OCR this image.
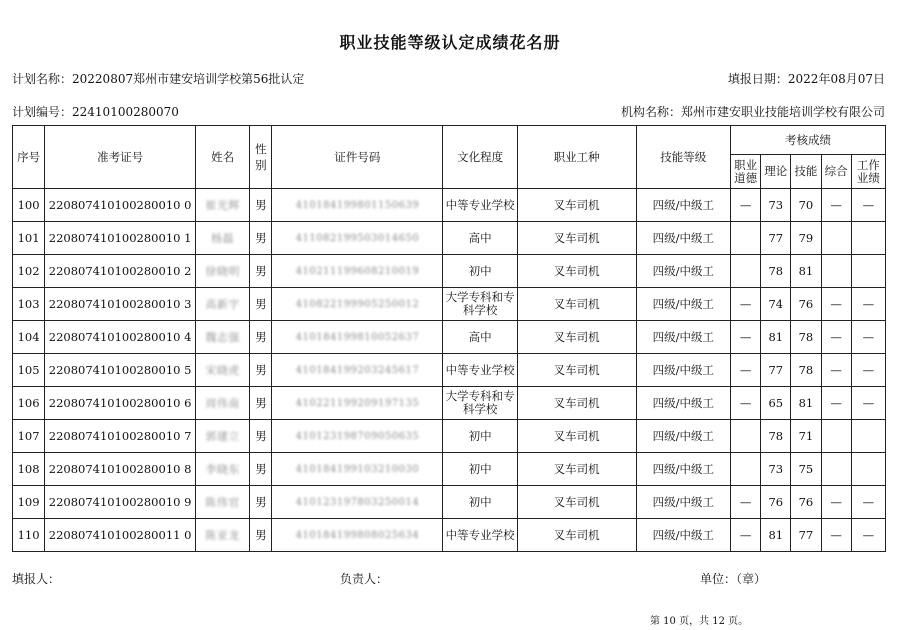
职业技能等级认定成绩花名册
计划名称：20220807郑州市建安培训学校第56批认定	填报日期：2022年08月07日
计划编号：22410100280070	机构名称：郑州市建安职业技能培训学校有限公司
序号	准考证号	姓名	性别	证件号码	文化程度	职业工种	技能等级	考核成绩				
								职业道德	理论	技能	综合	工作业绩
100	220807410100280010 0	崔光辉	男	410184199801150639	中等专业学校	叉车司机	四级/中级工	—	73	70	—	—
101	220807410100280010 1	杨磊	男	411082199503014650	高中	叉车司机	四级/中级工		77	79		
102	220807410100280010 2	徐晓明	男	410211199608210019	初中	叉车司机	四级/中级工		78	81		
103	220807410100280010 3	高新宇	男	410822199905250012	大学专科和专科学校	叉车司机	四级/中级工	—	74	76	—	—
104	220807410100280010 4	魏志强	男	410184199810052637	高中	叉车司机	四级/中级工	—	81	78	—	—
105	220807410100280010 5	宋晓虎	男	410184199203245617	中等专业学校	叉车司机	四级/中级工	—	77	78	—	—
106	220807410100280010 6	周伟南	男	410221199209197135	大学专科和专科学校	叉车司机	四级/中级工	—	65	81	—	—
107	220807410100280010 7	郭建立	男	410123198709050635	初中	叉车司机	四级/中级工		78	71		
108	220807410100280010 8	李晓东	男	410184199103210030	初中	叉车司机	四级/中级工		73	75		
109	220807410100280010 9	陈伟官	男	410123197803250014	初中	叉车司机	四级/中级工	—	76	76	—	—
110	220807410100280011 0	陈亚龙	男	410184199808025634	中等专业学校	叉车司机	四级/中级工	—	81	77	—	—
填报人：	负责人：	单位：（章）
第 10 页，共 12 页。
